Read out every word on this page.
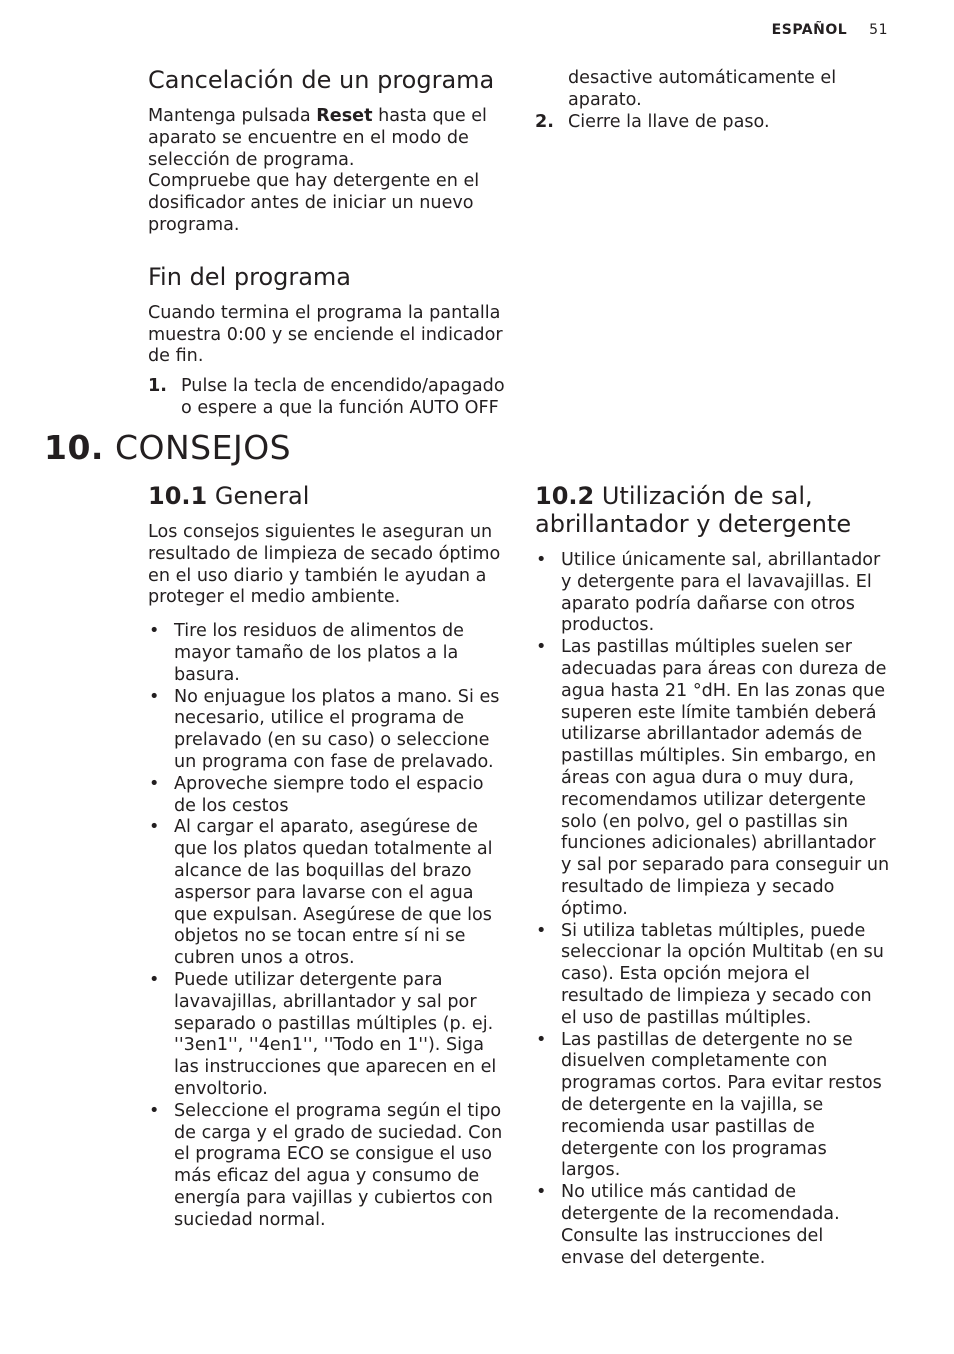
ESPAÑOL 51
Cancelación de un programa

Mantenga pulsada Reset hasta que el aparato se encuentre en el modo de selección de programa.

Compruebe que hay detergente en el dosificador antes de iniciar un nuevo programa.

Fin del programa

Cuando termina el programa la pantalla muestra 0:00 y se enciende el indicador de fin.

1. Pulse la tecla de encendido/apagado o espere a que la función AUTO OFF
desactive automáticamente el aparato.
2. Cierre la llave de paso.
10. CONSEJOS
10.1 General

Los consejos siguientes le aseguran un resultado de limpieza de secado óptimo en el uso diario y también le ayudan a proteger el medio ambiente.

• Tire los residuos de alimentos de mayor tamaño de los platos a la basura.
• No enjuague los platos a mano. Si es necesario, utilice el programa de prelavado (en su caso) o seleccione un programa con fase de prelavado.
• Aproveche siempre todo el espacio de los cestos
• Al cargar el aparato, asegúrese de que los platos quedan totalmente al alcance de las boquillas del brazo aspersor para lavarse con el agua que expulsan. Asegúrese de que los objetos no se tocan entre sí ni se cubren unos a otros.
• Puede utilizar detergente para lavavajillas, abrillantador y sal por separado o pastillas múltiples (p. ej. ''3en1'', ''4en1'', ''Todo en 1''). Siga las instrucciones que aparecen en el envoltorio.
• Seleccione el programa según el tipo de carga y el grado de suciedad. Con el programa ECO se consigue el uso más eficaz del agua y consumo de energía para vajillas y cubiertos con suciedad normal.
10.2 Utilización de sal, abrillantador y detergente
• Utilice únicamente sal, abrillantador y detergente para el lavavajillas. El aparato podría dañarse con otros productos.
• Las pastillas múltiples suelen ser adecuadas para áreas con dureza de agua hasta 21 °dH. En las zonas que superen este límite también deberá utilizarse abrillantador además de pastillas múltiples. Sin embargo, en áreas con agua dura o muy dura, recomendamos utilizar detergente solo (en polvo, gel o pastillas sin funciones adicionales) abrillantador y sal por separado para conseguir un resultado de limpieza y secado óptimo.
• Si utiliza tabletas múltiples, puede seleccionar la opción Multitab (en su caso). Esta opción mejora el resultado de limpieza y secado con el uso de pastillas múltiples.
• Las pastillas de detergente no se disuelven completamente con programas cortos. Para evitar restos de detergente en la vajilla, se recomienda usar pastillas de detergente con los programas largos.
• No utilice más cantidad de detergente de la recomendada. Consulte las instrucciones del envase del detergente.
